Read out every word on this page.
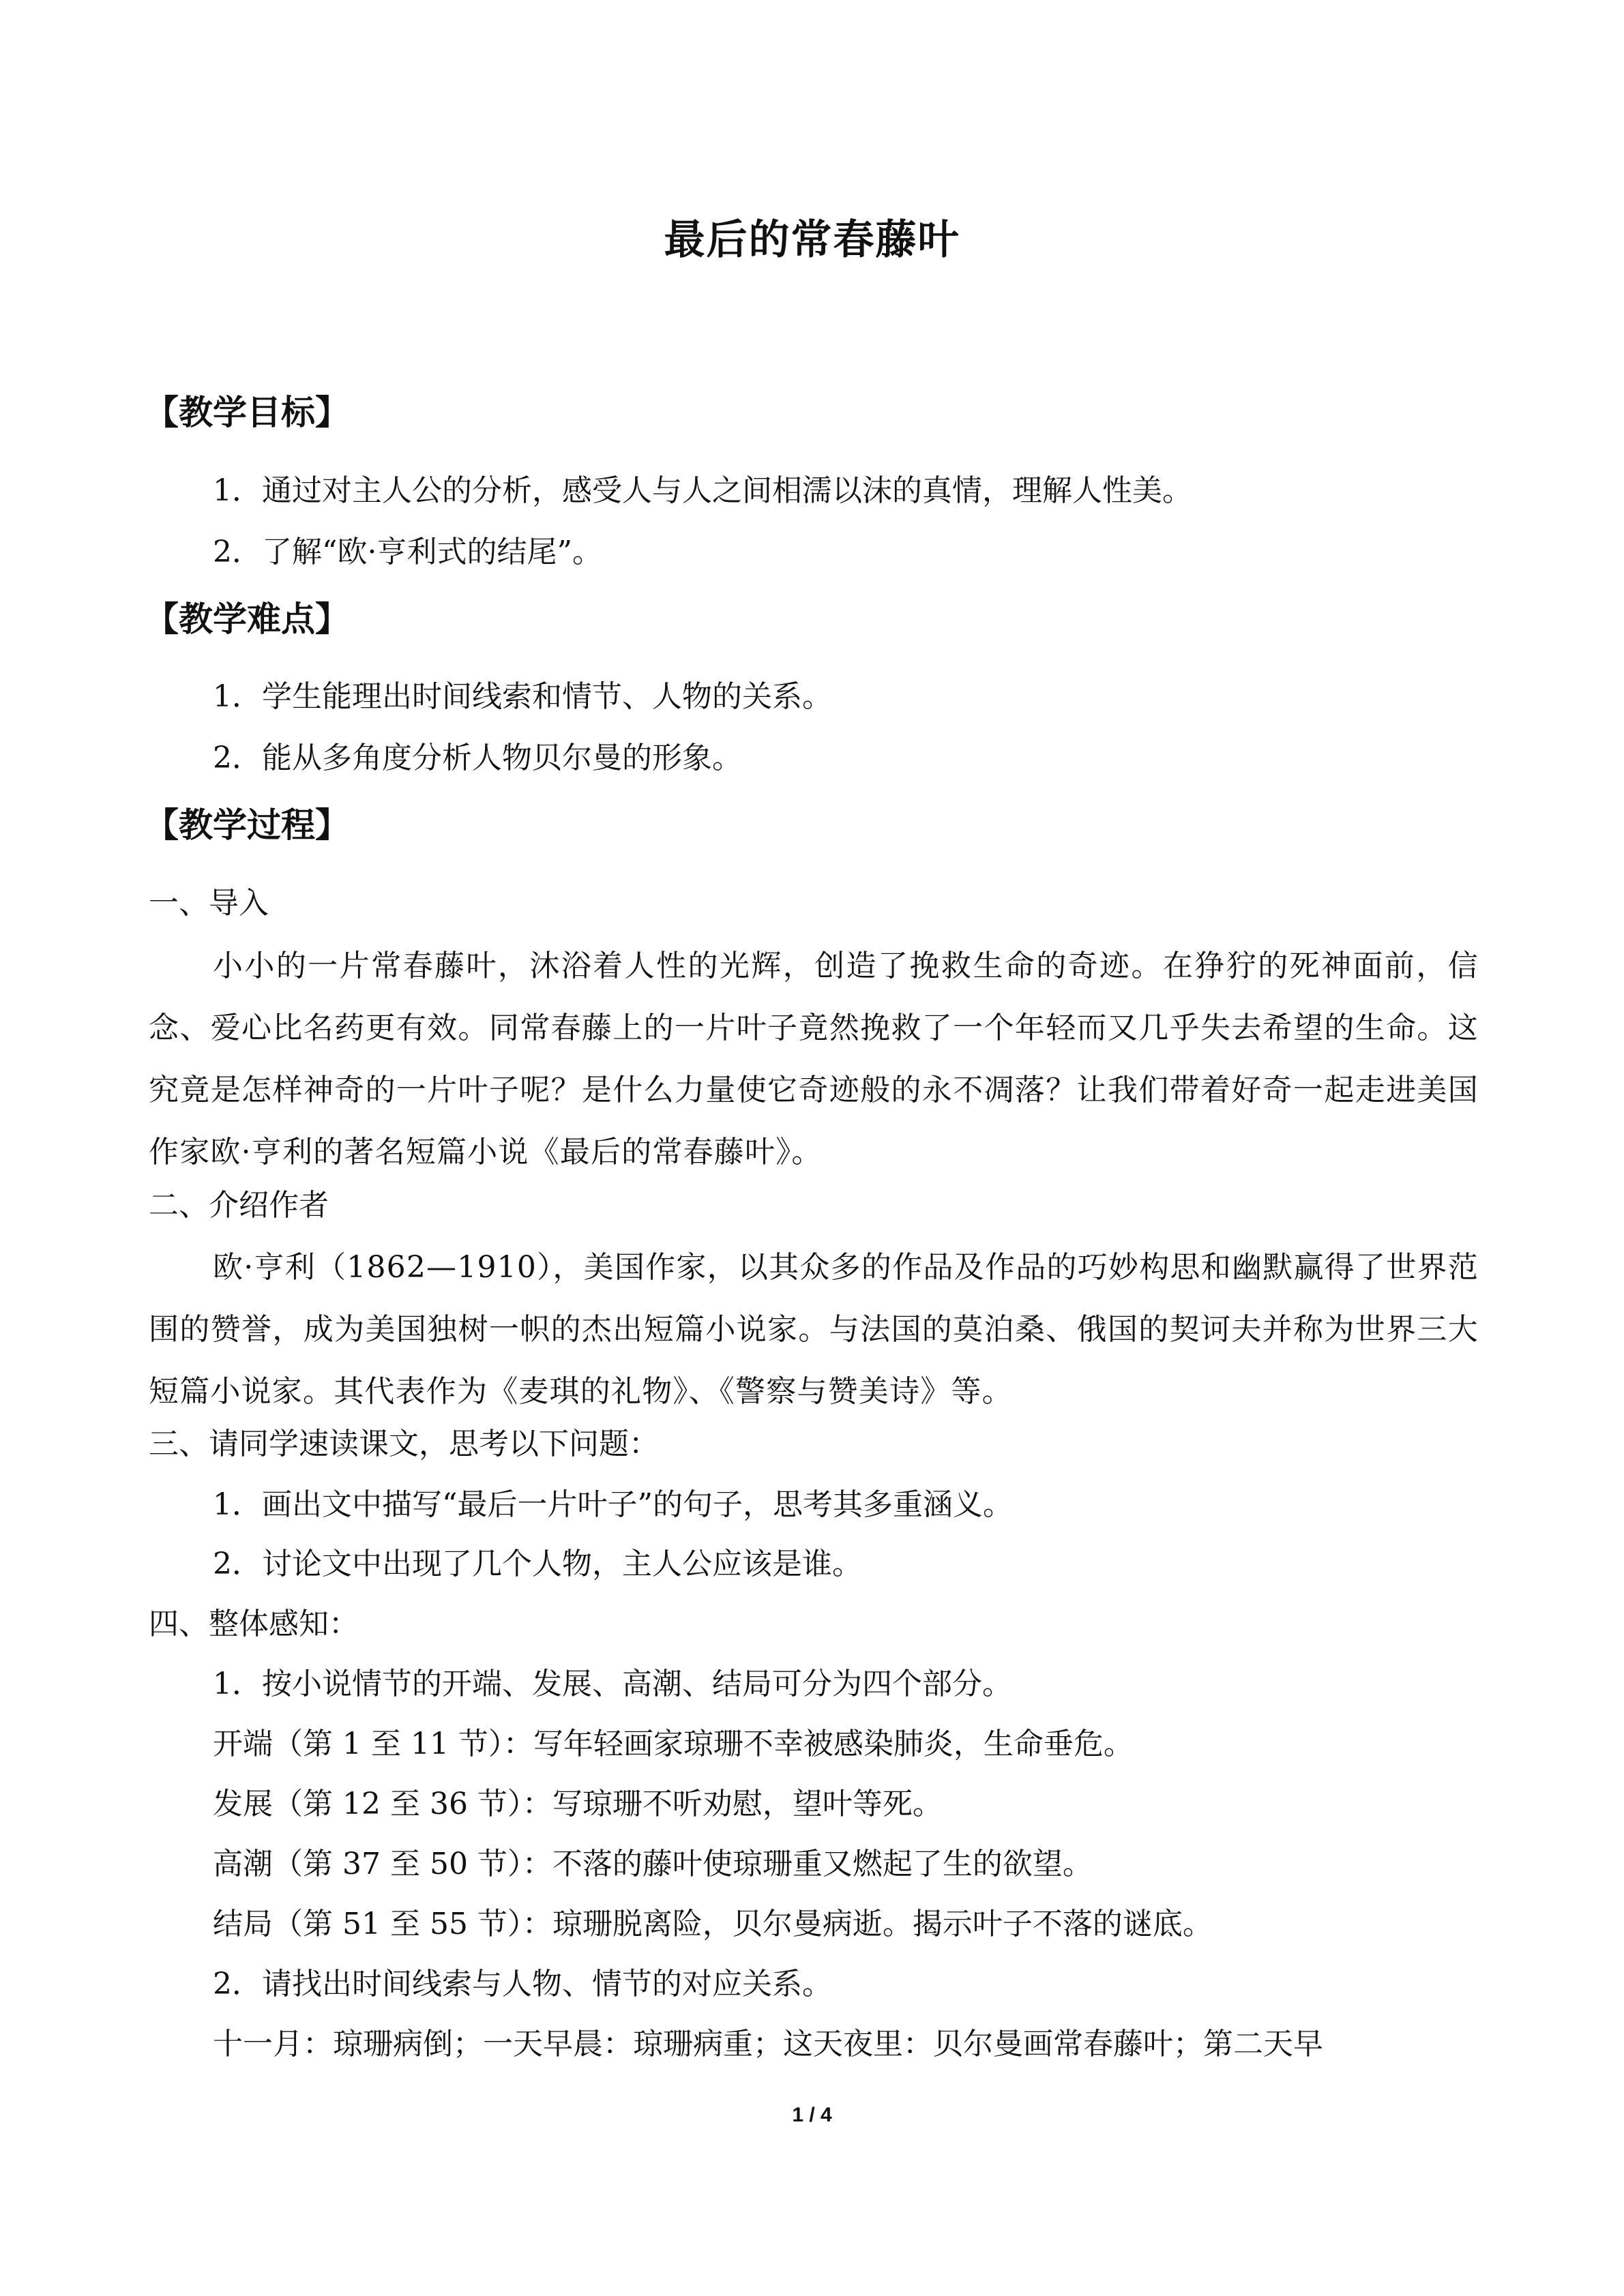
最后的常春藤叶
【教学目标】
1．通过对主人公的分析，感受人与人之间相濡以沫的真情，理解人性美。
2．了解“欧·亨利式的结尾”。
【教学难点】
1．学生能理出时间线索和情节、人物的关系。
2．能从多角度分析人物贝尔曼的形象。
【教学过程】
一、导入
小小的一片常春藤叶，沐浴着人性的光辉，创造了挽救生命的奇迹。在狰狞的死神面前，信念、爱心比名药更有效。同常春藤上的一片叶子竟然挽救了一个年轻而又几乎失去希望的生命。这究竟是怎样神奇的一片叶子呢？是什么力量使它奇迹般的永不凋落？让我们带着好奇一起走进美国作家欧·亨利的著名短篇小说《最后的常春藤叶》。
二、介绍作者
欧·亨利（1862—1910），美国作家，以其众多的作品及作品的巧妙构思和幽默赢得了世界范围的赞誉，成为美国独树一帜的杰出短篇小说家。与法国的莫泊桑、俄国的契诃夫并称为世界三大短篇小说家。其代表作为《麦琪的礼物》、《警察与赞美诗》等。
三、请同学速读课文，思考以下问题：
1．画出文中描写“最后一片叶子”的句子，思考其多重涵义。
2．讨论文中出现了几个人物，主人公应该是谁。
四、整体感知：
1．按小说情节的开端、发展、高潮、结局可分为四个部分。
开端（第 1 至 11 节）：写年轻画家琼珊不幸被感染肺炎，生命垂危。
发展（第 12 至 36 节）：写琼珊不听劝慰，望叶等死。
高潮（第 37 至 50 节）：不落的藤叶使琼珊重又燃起了生的欲望。
结局（第 51 至 55 节）：琼珊脱离险，贝尔曼病逝。揭示叶子不落的谜底。
2．请找出时间线索与人物、情节的对应关系。
十一月：琼珊病倒；一天早晨：琼珊病重；这天夜里：贝尔曼画常春藤叶；第二天早
1 / 4
